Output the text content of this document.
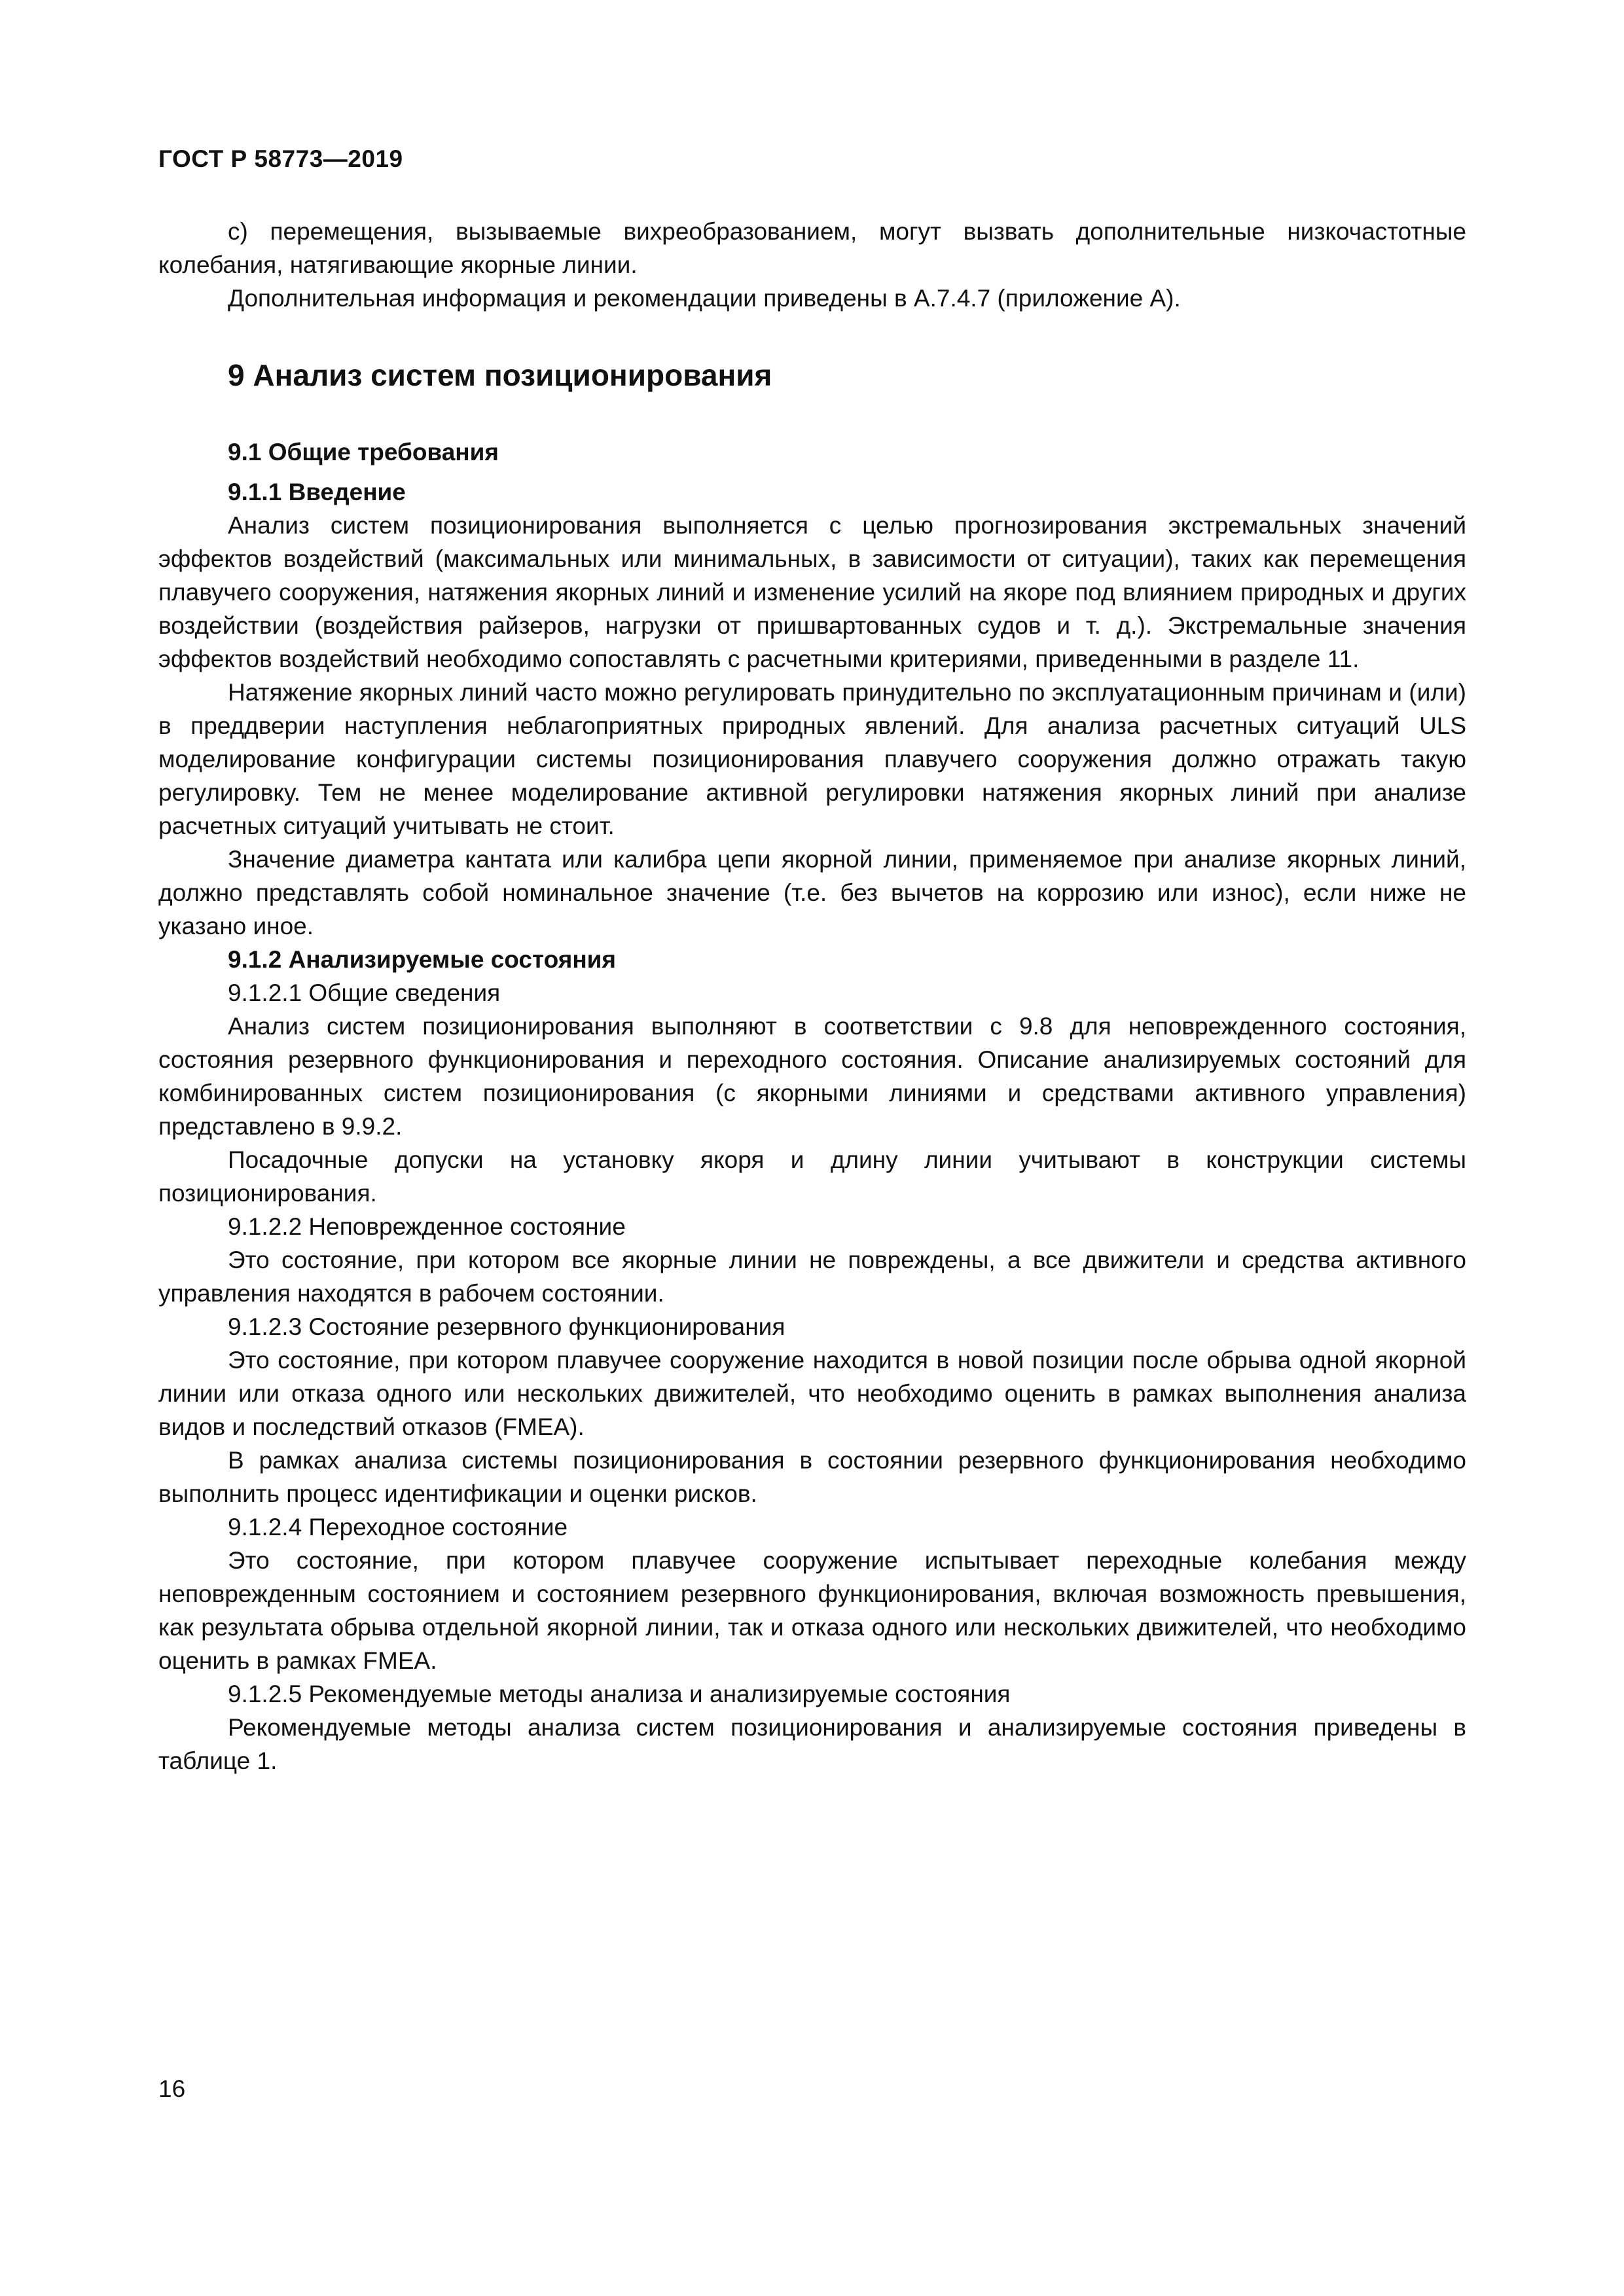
ГОСТ Р 58773—2019

c) перемещения, вызываемые вихреобразованием, могут вызвать дополнительные низкочастотные колебания, натягивающие якорные линии.

Дополнительная информация и рекомендации приведены в А.7.4.7 (приложение А).

9 Анализ систем позиционирования
9.1 Общие требования
9.1.1 Введение

Анализ систем позиционирования выполняется с целью прогнозирования экстремальных значений эффектов воздействий (максимальных или минимальных, в зависимости от ситуации), таких как перемещения плавучего сооружения, натяжения якорных линий и изменение усилий на якоре под влиянием природных и других воздействии (воздействия райзеров, нагрузки от пришвартованных судов и т. д.). Экстремальные значения эффектов воздействий необходимо сопоставлять с расчетными критериями, приведенными в разделе 11.

Натяжение якорных линий часто можно регулировать принудительно по эксплуатационным причинам и (или) в преддверии наступления неблагоприятных природных явлений. Для анализа расчетных ситуаций ULS моделирование конфигурации системы позиционирования плавучего сооружения должно отражать такую регулировку. Тем не менее моделирование активной регулировки натяжения якорных линий при анализе расчетных ситуаций учитывать не стоит.

Значение диаметра кантата или калибра цепи якорной линии, применяемое при анализе якорных линий, должно представлять собой номинальное значение (т.е. без вычетов на коррозию или износ), если ниже не указано иное.

9.1.2 Анализируемые состояния
9.1.2.1 Общие сведения

Анализ систем позиционирования выполняют в соответствии с 9.8 для неповрежденного состояния, состояния резервного функционирования и переходного состояния. Описание анализируемых состояний для комбинированных систем позиционирования (с якорными линиями и средствами активного управления) представлено в 9.9.2.

Посадочные допуски на установку якоря и длину линии учитывают в конструкции системы позиционирования.

9.1.2.2 Неповрежденное состояние

Это состояние, при котором все якорные линии не повреждены, а все движители и средства активного управления находятся в рабочем состоянии.

9.1.2.3 Состояние резервного функционирования

Это состояние, при котором плавучее сооружение находится в новой позиции после обрыва одной якорной линии или отказа одного или нескольких движителей, что необходимо оценить в рамках выполнения анализа видов и последствий отказов (FMEA).

В рамках анализа системы позиционирования в состоянии резервного функционирования необходимо выполнить процесс идентификации и оценки рисков.

9.1.2.4 Переходное состояние

Это состояние, при котором плавучее сооружение испытывает переходные колебания между неповрежденным состоянием и состоянием резервного функционирования, включая возможность превышения, как результата обрыва отдельной якорной линии, так и отказа одного или нескольких движителей, что необходимо оценить в рамках FMEA.

9.1.2.5 Рекомендуемые методы анализа и анализируемые состояния

Рекомендуемые методы анализа систем позиционирования и анализируемые состояния приведены в таблице 1.

16
